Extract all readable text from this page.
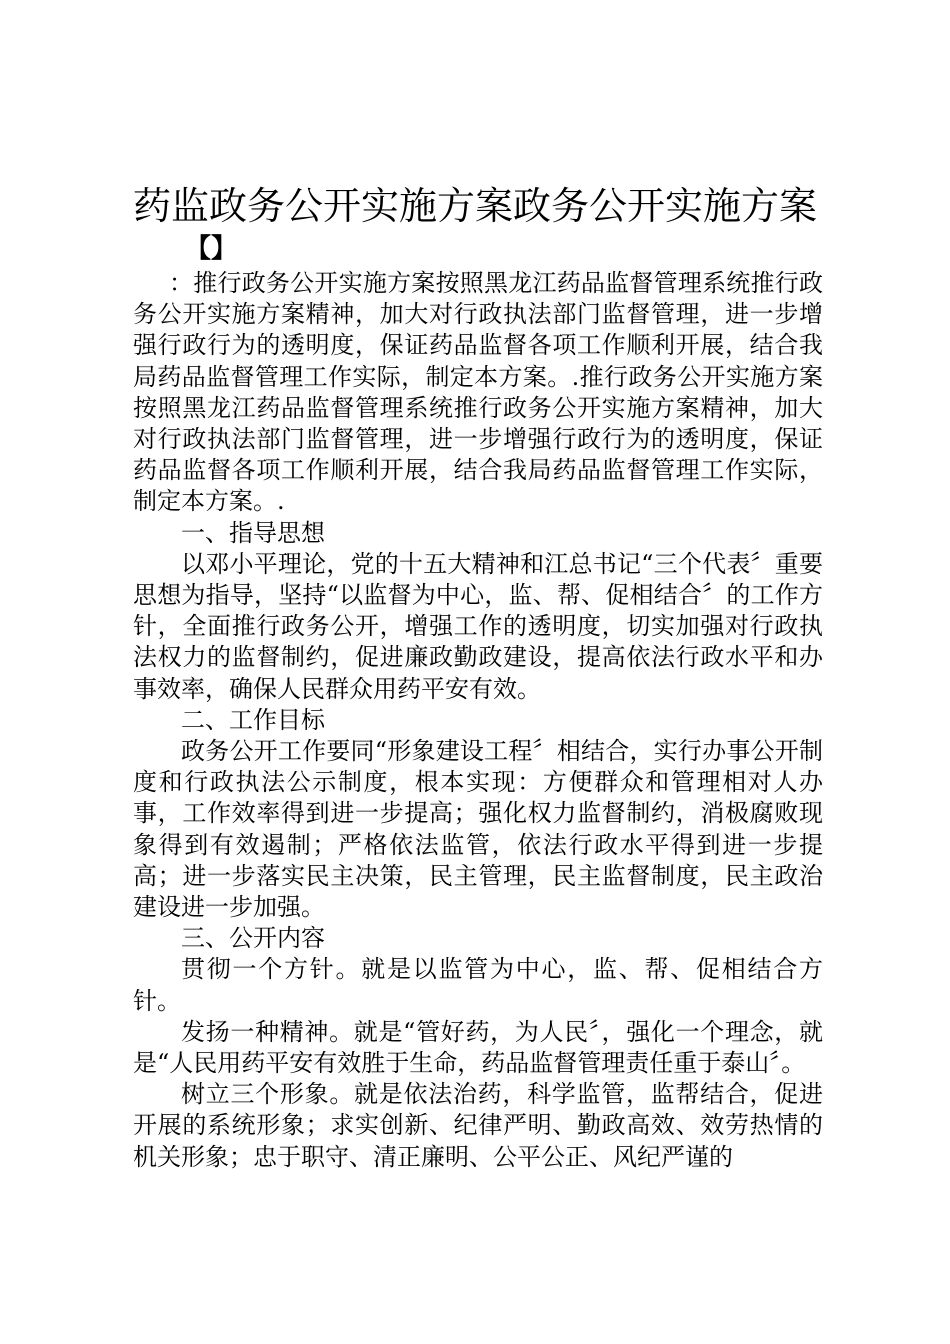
药监政务公开实施方案政务公开实施方案
【】

：推行政务公开实施方案按照黑龙江药品监督管理系统推行政务公开实施方案精神，加大对行政执法部门监督管理，进一步增强行政行为的透明度，保证药品监督各项工作顺利开展，结合我局药品监督管理工作实际，制定本方案。.推行政务公开实施方案按照黑龙江药品监督管理系统推行政务公开实施方案精神，加大对行政执法部门监督管理，进一步增强行政行为的透明度，保证药品监督各项工作顺利开展，结合我局药品监督管理工作实际，制定本方案。.

一、指导思想

以邓小平理论，党的十五大精神和江总书记“三个代表〞重要思想为指导，坚持“以监督为中心，监、帮、促相结合〞的工作方针，全面推行政务公开，增强工作的透明度，切实加强对行政执法权力的监督制约，促进廉政勤政建设，提高依法行政水平和办事效率，确保人民群众用药平安有效。

二、工作目标

政务公开工作要同“形象建设工程〞相结合，实行办事公开制度和行政执法公示制度，根本实现：方便群众和管理相对人办事，工作效率得到进一步提高；强化权力监督制约，消极腐败现象得到有效遏制；严格依法监管，依法行政水平得到进一步提高；进一步落实民主决策，民主管理，民主监督制度，民主政治建设进一步加强。

三、公开内容

贯彻一个方针。就是以监管为中心，监、帮、促相结合方针。

发扬一种精神。就是“管好药，为人民〞，强化一个理念，就是“人民用药平安有效胜于生命，药品监督管理责任重于泰山〞。

树立三个形象。就是依法治药，科学监管，监帮结合，促进开展的系统形象；求实创新、纪律严明、勤政高效、效劳热情的机关形象；忠于职守、清正廉明、公平公正、风纪严谨的
